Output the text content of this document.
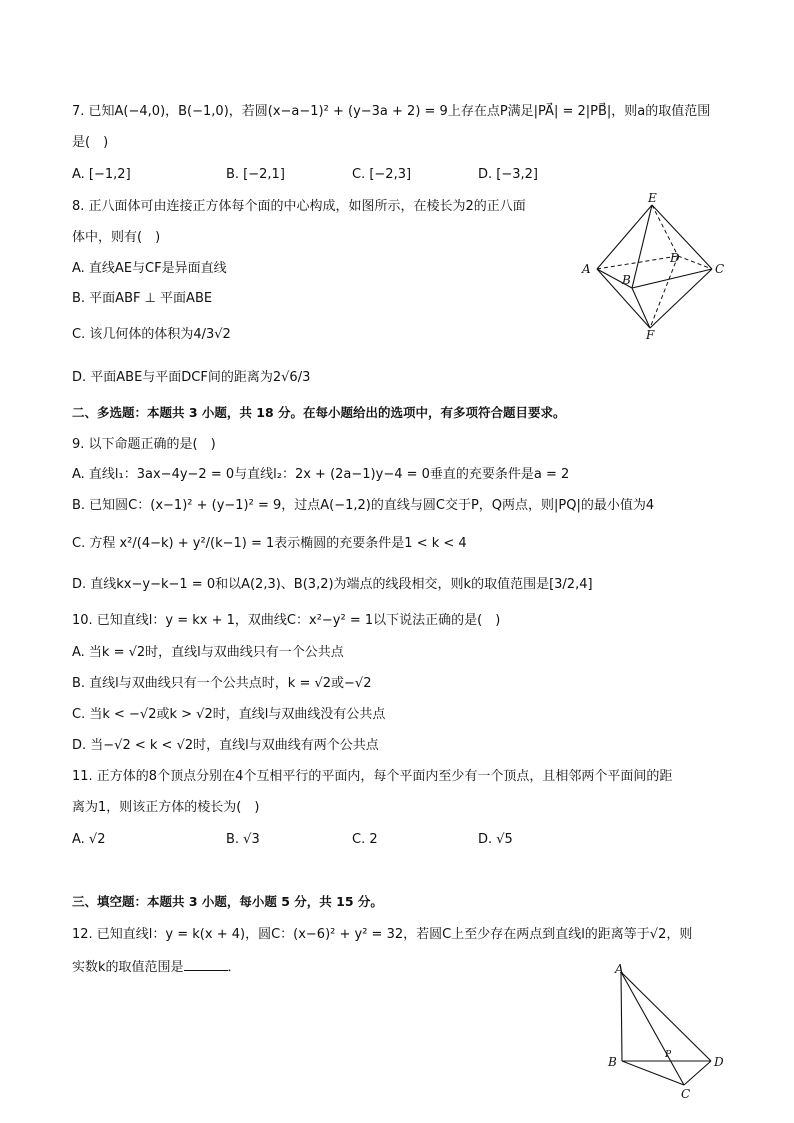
7. 已知A(−4,0)，B(−1,0)，若圆(x−a−1)² + (y−3a + 2) = 9上存在点P满足|PA⃗| = 2|PB⃗|，则a的取值范围
是(　)
A. [−1,2]	B. [−2,1]	C. [−2,3]	D. [−3,2]
8. 正八面体可由连接正方体每个面的中心构成，如图所示，在棱长为2的正八面
体中，则有(　)
A. 直线AE与CF是异面直线
B. 平面ABF ⊥ 平面ABE
C. 该几何体的体积为4/3√2
D. 平面ABE与平面DCF间的距离为2√6/3
E
A
D
B
C
F
二、多选题：本题共 3 小题，共 18 分。在每小题给出的选项中，有多项符合题目要求。
9. 以下命题正确的是(　)
A. 直线l₁：3ax−4y−2 = 0与直线l₂：2x + (2a−1)y−4 = 0垂直的充要条件是a = 2
B. 已知圆C：(x−1)² + (y−1)² = 9，过点A(−1,2)的直线与圆C交于P，Q两点，则|PQ|的最小值为4
C. 方程 x²/(4−k) + y²/(k−1) = 1表示椭圆的充要条件是1 < k < 4
D. 直线kx−y−k−1 = 0和以A(2,3)、B(3,2)为端点的线段相交，则k的取值范围是[3/2,4]
10. 已知直线l：y = kx + 1，双曲线C：x²−y² = 1以下说法正确的是(　)
A. 当k = √2时，直线l与双曲线只有一个公共点
B. 直线l与双曲线只有一个公共点时，k = √2或−√2
C. 当k < −√2或k > √2时，直线l与双曲线没有公共点
D. 当−√2 < k < √2时，直线l与双曲线有两个公共点
11. 正方体的8个顶点分别在4个互相平行的平面内，每个平面内至少有一个顶点，且相邻两个平面间的距
离为1，则该正方体的棱长为(　)
A. √2	B. √3	C. 2	D. √5
三、填空题：本题共 3 小题，每小题 5 分，共 15 分。
12. 已知直线l：y = k(x + 4)，圆C：(x−6)² + y² = 32，若圆C上至少存在两点到直线l的距离等于√2，则
实数k的取值范围是	．	A
B	P	D
C
